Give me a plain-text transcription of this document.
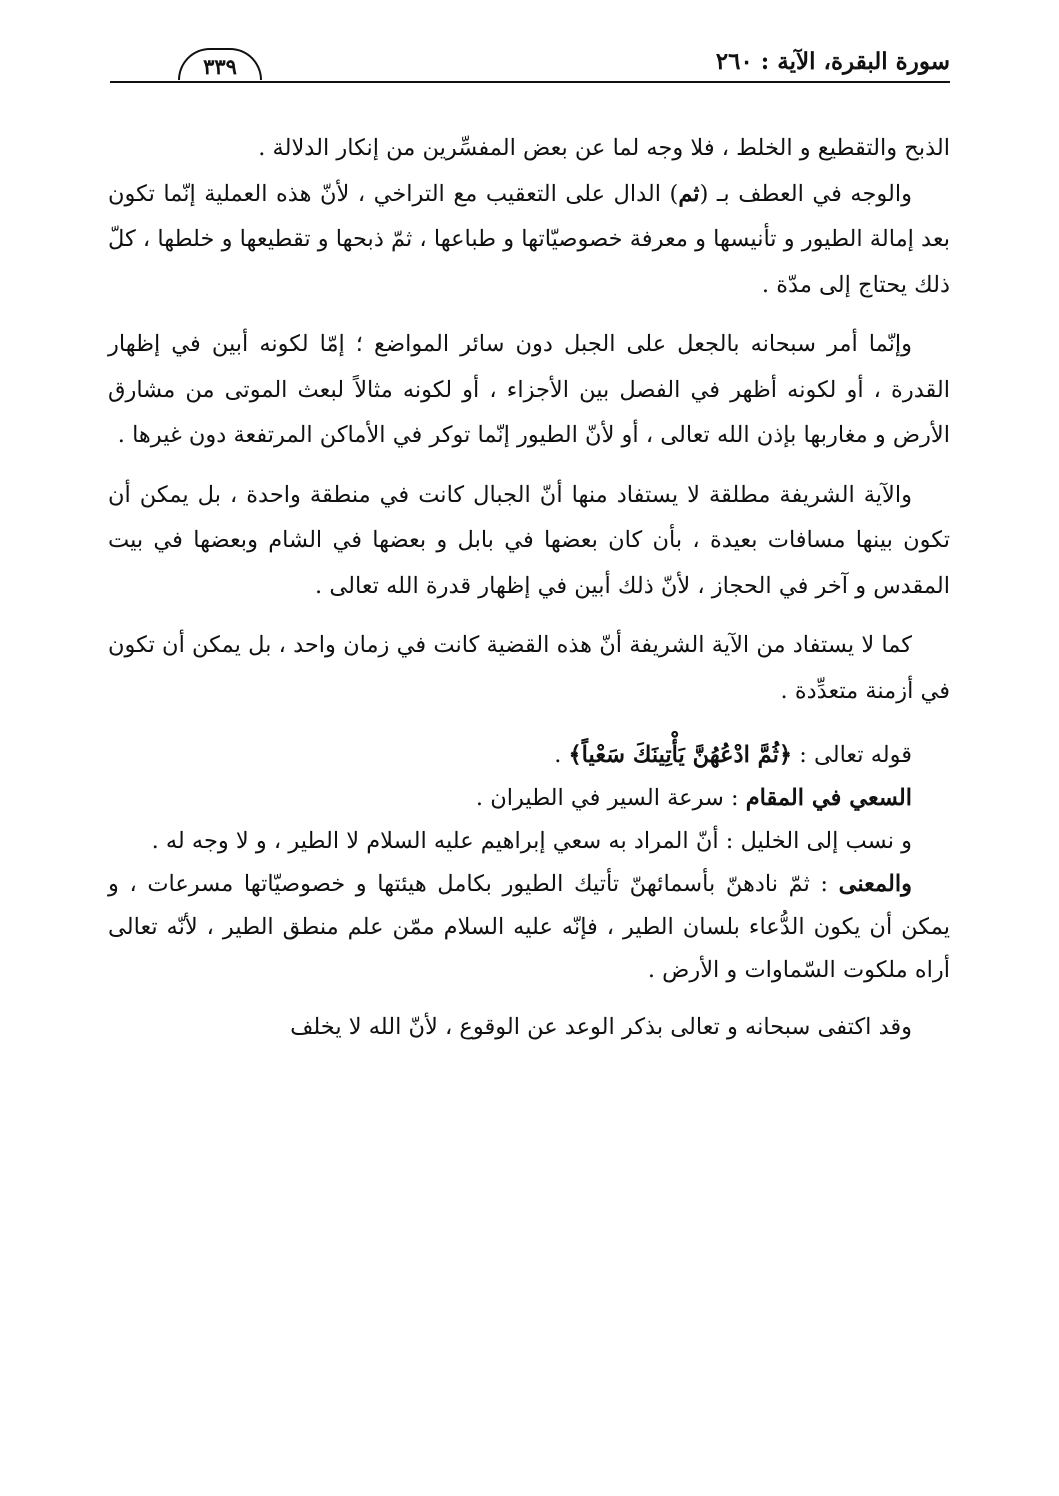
سورة البقرة، الآية : ٢٦٠
٣٣٩

الذبح والتقطيع و الخلط ، فلا وجه لما عن بعض المفسِّرين من إنكار الدلالة .

والوجه في العطف بـ (ثم) الدال على التعقيب مع التراخي ، لأنّ هذه العملية إنّما تكون بعد إمالة الطيور و تأنيسها و معرفة خصوصيّاتها و طباعها ، ثمّ ذبحها و تقطيعها و خلطها ، كلّ ذلك يحتاج إلى مدّة .

وإنّما أمر سبحانه بالجعل على الجبل دون سائر المواضع ؛ إمّا لكونه أبين في إظهار القدرة ، أو لكونه أظهر في الفصل بين الأجزاء ، أو لكونه مثالاً لبعث الموتى من مشارق الأرض و مغاربها بإذن الله تعالى ، أو لأنّ الطيور إنّما توكر في الأماكن المرتفعة دون غيرها .

والآية الشريفة مطلقة لا يستفاد منها أنّ الجبال كانت في منطقة واحدة ، بل يمكن أن تكون بينها مسافات بعيدة ، بأن كان بعضها في بابل و بعضها في الشام وبعضها في بيت المقدس و آخر في الحجاز ، لأنّ ذلك أبين في إظهار قدرة الله تعالى .

كما لا يستفاد من الآية الشريفة أنّ هذه القضية كانت في زمان واحد ، بل يمكن أن تكون في أزمنة متعدِّدة .

قوله تعالى : ﴿ثُمَّ ادْعُهُنَّ يَأْتِينَكَ سَعْياً﴾ .

السعي في المقام : سرعة السير في الطيران .

و نسب إلى الخليل : أنّ المراد به سعي إبراهيم عليه السلام لا الطير ، و لا وجه له .

والمعنى : ثمّ نادهنّ بأسمائهنّ تأتيك الطيور بكامل هيئتها و خصوصيّاتها مسرعات ، و يمكن أن يكون الدُّعاء بلسان الطير ، فإنّه عليه السلام ممّن علم منطق الطير ، لأنّه تعالى أراه ملكوت السّماوات و الأرض .

وقد اكتفى سبحانه و تعالى بذكر الوعد عن الوقوع ، لأنّ الله لا يخلف
